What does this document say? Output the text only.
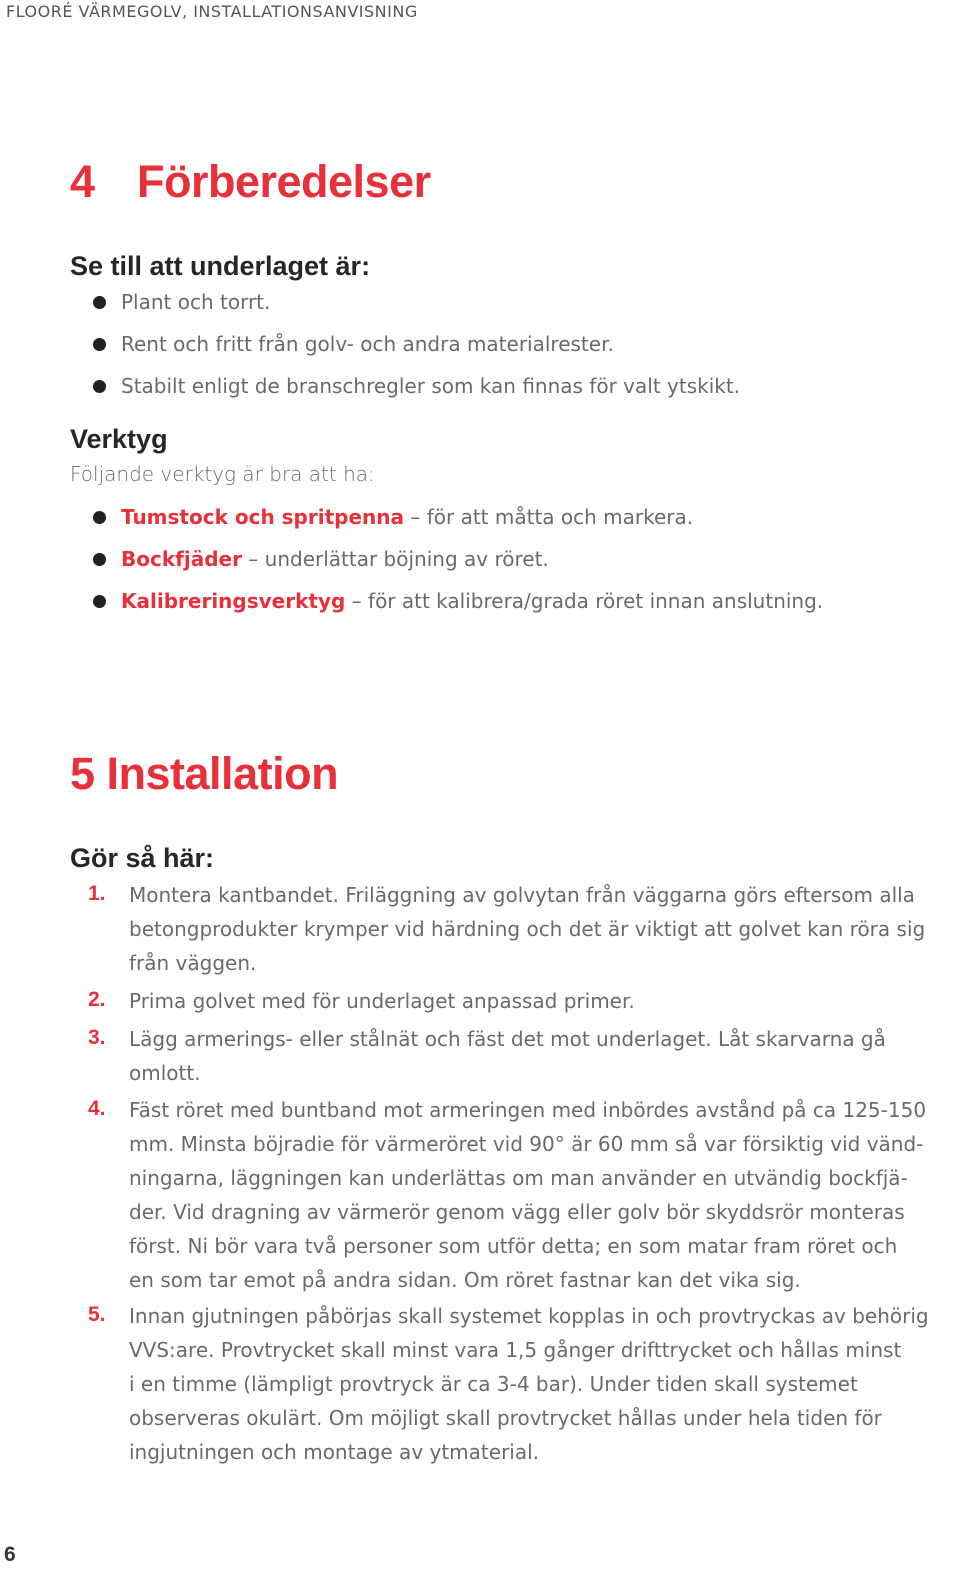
FLOORÉ VÄRMEGOLV, INSTALLATIONSANVISNING
4 Förberedelser
Se till att underlaget är:
Plant och torrt.
Rent och fritt från golv- och andra materialrester.
Stabilt enligt de branschregler som kan finnas för valt ytskikt.
Verktyg
Följande verktyg är bra att ha:
Tumstock och spritpenna – för att måtta och markera.
Bockfjäder – underlättar böjning av röret.
Kalibreringsverktyg – för att kalibrera/grada röret innan anslutning.
5 Installation
Gör så här:
1. Montera kantbandet. Friläggning av golvytan från väggarna görs eftersom alla
betongprodukter krymper vid härdning och det är viktigt att golvet kan röra sig
från väggen.
2. Prima golvet med för underlaget anpassad primer.
3. Lägg armerings- eller stålnät och fäst det mot underlaget. Låt skarvarna gå
omlott.
4. Fäst röret med buntband mot armeringen med inbördes avstånd på ca 125-150
mm. Minsta böjradie för värmeröret vid 90° är 60 mm så var försiktig vid vänd-
ningarna, läggningen kan underlättas om man använder en utvändig bockfjä-
der. Vid dragning av värmerör genom vägg eller golv bör skyddsrör monteras
först. Ni bör vara två personer som utför detta; en som matar fram röret och
en som tar emot på andra sidan. Om röret fastnar kan det vika sig.
5. Innan gjutningen påbörjas skall systemet kopplas in och provtryckas av behörig
VVS:are. Provtrycket skall minst vara 1,5 gånger drifttrycket och hållas minst
i en timme (lämpligt provtryck är ca 3-4 bar). Under tiden skall systemet
observeras okulärt. Om möjligt skall provtrycket hållas under hela tiden för
ingjutningen och montage av ytmaterial.
6
